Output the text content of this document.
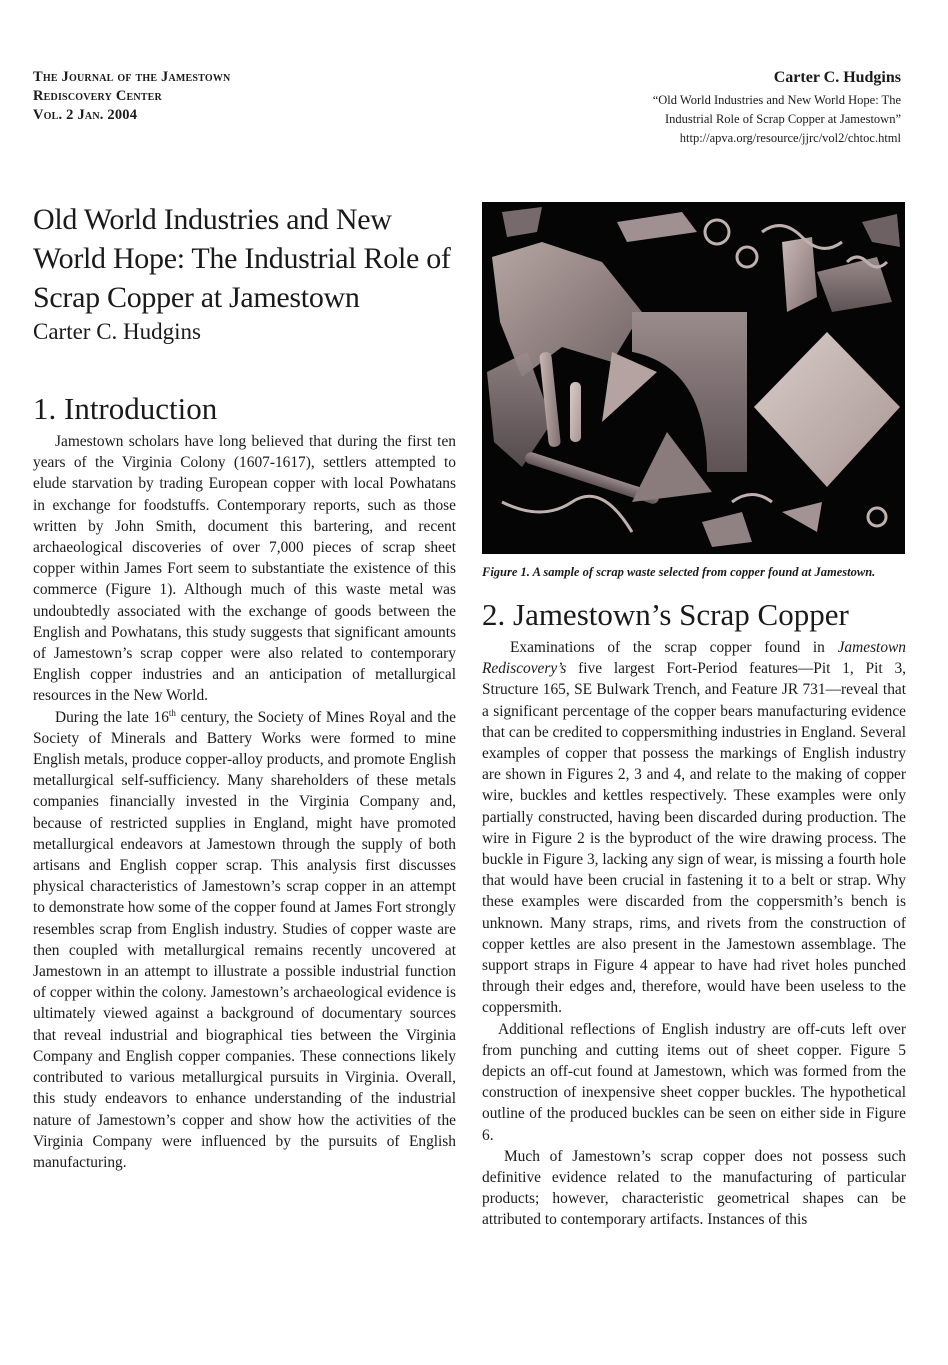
The Journal of the Jamestown
Rediscovery Center
Vol. 2 Jan. 2004
Carter C. Hudgins
“Old World Industries and New World Hope: The
Industrial Role of Scrap Copper at Jamestown”
http://apva.org/resource/jjrc/vol2/chtoc.html
Old World Industries and New World Hope: The Industrial Role of Scrap Copper at Jamestown
Carter C. Hudgins
1. Introduction

Jamestown scholars have long believed that during the first ten years of the Virginia Colony (1607-1617), settlers attempted to elude starvation by trading European copper with local Powhatans in exchange for foodstuffs. Contemporary reports, such as those written by John Smith, document this bartering, and recent archaeological discoveries of over 7,000 pieces of scrap sheet copper within James Fort seem to substantiate the existence of this commerce (Figure 1). Although much of this waste metal was undoubtedly associated with the exchange of goods between the English and Powhatans, this study suggests that significant amounts of Jamestown’s scrap copper were also related to contemporary English copper industries and an anticipation of metallurgical resources in the New World.

During the late 16th century, the Society of Mines Royal and the Society of Minerals and Battery Works were formed to mine English metals, produce copper-alloy products, and promote English metallurgical self-sufficiency. Many shareholders of these metals companies financially invested in the Virginia Company and, because of restricted supplies in England, might have promoted metallurgical endeavors at Jamestown through the supply of both artisans and English copper scrap. This analysis first discusses physical characteristics of Jamestown’s scrap copper in an attempt to demonstrate how some of the copper found at James Fort strongly resembles scrap from English industry. Studies of copper waste are then coupled with metallurgical remains recently uncovered at Jamestown in an attempt to illustrate a possible industrial function of copper within the colony. Jamestown’s archaeological evidence is ultimately viewed against a background of documentary sources that reveal industrial and biographical ties between the Virginia Company and English copper companies. These connections likely contributed to various metallurgical pursuits in Virginia. Overall, this study endeavors to enhance understanding of the industrial nature of Jamestown’s copper and show how the activities of the Virginia Company were influenced by the pursuits of English manufacturing.

Figure 1. A sample of scrap waste selected from copper found at Jamestown.
2. Jamestown’s Scrap Copper

Examinations of the scrap copper found in Jamestown Rediscovery’s five largest Fort-Period features—Pit 1, Pit 3, Structure 165, SE Bulwark Trench, and Feature JR 731—reveal that a significant percentage of the copper bears manufacturing evidence that can be credited to coppersmithing industries in England. Several examples of copper that possess the markings of English industry are shown in Figures 2, 3 and 4, and relate to the making of copper wire, buckles and kettles respectively. These examples were only partially constructed, having been discarded during production. The wire in Figure 2 is the byproduct of the wire drawing process. The buckle in Figure 3, lacking any sign of wear, is missing a fourth hole that would have been crucial in fastening it to a belt or strap. Why these examples were discarded from the coppersmith’s bench is unknown. Many straps, rims, and rivets from the construction of copper kettles are also present in the Jamestown assemblage. The support straps in Figure 4 appear to have had rivet holes punched through their edges and, therefore, would have been useless to the coppersmith.

Additional reflections of English industry are off-cuts left over from punching and cutting items out of sheet copper. Figure 5 depicts an off-cut found at Jamestown, which was formed from the construction of inexpensive sheet copper buckles. The hypothetical outline of the produced buckles can be seen on either side in Figure 6.

Much of Jamestown’s scrap copper does not possess such definitive evidence related to the manufacturing of particular products; however, characteristic geometrical shapes can be attributed to contemporary artifacts. Instances of this
